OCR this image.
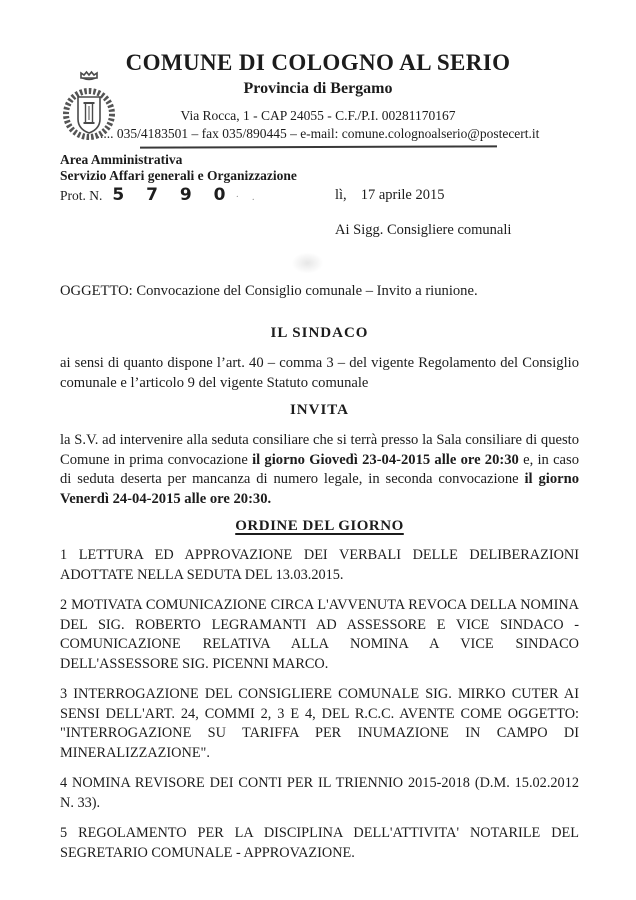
COMUNE DI COLOGNO AL SERIO
Provincia di Bergamo
Via Rocca, 1 - CAP 24055 - C.F./P.I. 00281170167
..... 035/4183501 – fax 035/890445 – e-mail: comune.colognoalserio@postecert.it
Area Amministrativa
Servizio Affari generali e Organizzazione
Prot. N. 5 7 9 0 · .	lì, 17 aprile 2015
Ai Sigg. Consigliere comunali
OGGETTO: Convocazione del Consiglio comunale – Invito a riunione.
IL SINDACO
ai sensi di quanto dispone l’art. 40 – comma 3 – del vigente Regolamento del Consiglio comunale e l’articolo 9 del vigente Statuto comunale
INVITA
la S.V. ad intervenire alla seduta consiliare che si terrà presso la Sala consiliare di questo Comune in prima convocazione il giorno Giovedì 23-04-2015 alle ore 20:30 e, in caso di seduta deserta per mancanza di numero legale, in seconda convocazione il giorno Venerdì 24-04-2015 alle ore 20:30.
ORDINE DEL GIORNO
1 LETTURA ED APPROVAZIONE DEI VERBALI DELLE DELIBERAZIONI ADOTTATE NELLA SEDUTA DEL 13.03.2015.
2 MOTIVATA COMUNICAZIONE CIRCA L'AVVENUTA REVOCA DELLA NOMINA DEL SIG. ROBERTO LEGRAMANTI AD ASSESSORE E VICE SINDACO - COMUNICAZIONE RELATIVA ALLA NOMINA A VICE SINDACO DELL'ASSESSORE SIG. PICENNI MARCO.
3 INTERROGAZIONE DEL CONSIGLIERE COMUNALE SIG. MIRKO CUTER AI SENSI DELL'ART. 24, COMMI 2, 3 E 4, DEL R.C.C. AVENTE COME OGGETTO: "INTERROGAZIONE SU TARIFFA PER INUMAZIONE IN CAMPO DI MINERALIZZAZIONE".
4 NOMINA REVISORE DEI CONTI PER IL TRIENNIO 2015-2018 (D.M. 15.02.2012 N. 33).
5 REGOLAMENTO PER LA DISCIPLINA DELL'ATTIVITA' NOTARILE DEL SEGRETARIO COMUNALE - APPROVAZIONE.
